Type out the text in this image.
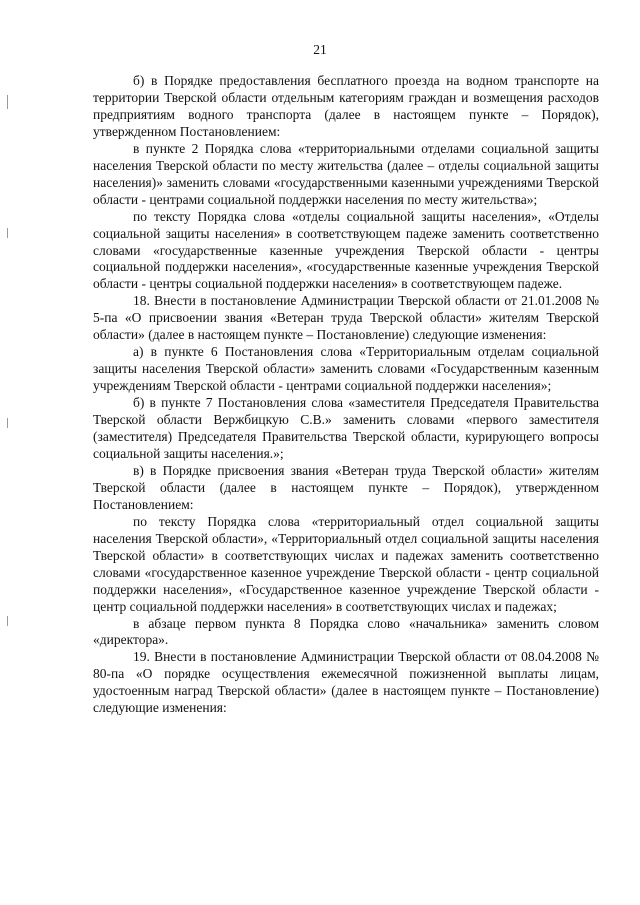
21

б) в Порядке предоставления бесплатного проезда на водном транспорте на территории Тверской области отдельным категориям граждан и возмещения расходов предприятиям водного транспорта (далее в настоящем пункте – Порядок), утвержденном Постановлением:

в пункте 2 Порядка слова «территориальными отделами социальной защиты населения Тверской области по месту жительства (далее – отделы социальной защиты населения)» заменить словами «государственными казенными учреждениями Тверской области - центрами социальной поддержки населения по месту жительства»;

по тексту Порядка слова «отделы социальной защиты населения», «Отделы социальной защиты населения» в соответствующем падеже заменить соответственно словами «государственные казенные учреждения Тверской области - центры социальной поддержки населения», «государственные казенные учреждения Тверской области - центры социальной поддержки населения» в соответствующем падеже.

18. Внести в постановление Администрации Тверской области от 21.01.2008 № 5-па «О присвоении звания «Ветеран труда Тверской области» жителям Тверской области» (далее в настоящем пункте – Постановление) следующие изменения:

а) в пункте 6 Постановления слова «Территориальным отделам социальной защиты населения Тверской области» заменить словами «Государственным казенным учреждениям Тверской области - центрами социальной поддержки населения»;

б) в пункте 7 Постановления слова «заместителя Председателя Правительства Тверской области Вержбицкую С.В.» заменить словами «первого заместителя (заместителя) Председателя Правительства Тверской области, курирующего вопросы социальной защиты населения.»;

в) в Порядке присвоения звания «Ветеран труда Тверской области» жителям Тверской области (далее в настоящем пункте – Порядок), утвержденном Постановлением:

по тексту Порядка слова «территориальный отдел социальной защиты населения Тверской области», «Территориальный отдел социальной защиты населения Тверской области» в соответствующих числах и падежах заменить соответственно словами «государственное казенное учреждение Тверской области - центр социальной поддержки населения», «Государственное казенное учреждение Тверской области - центр социальной поддержки населения» в соответствующих числах и падежах;

в абзаце первом пункта 8 Порядка слово «начальника» заменить словом «директора».

19. Внести в постановление Администрации Тверской области от 08.04.2008 № 80-па «О порядке осуществления ежемесячной пожизненной выплаты лицам, удостоенным наград Тверской области» (далее в настоящем пункте – Постановление) следующие изменения:
